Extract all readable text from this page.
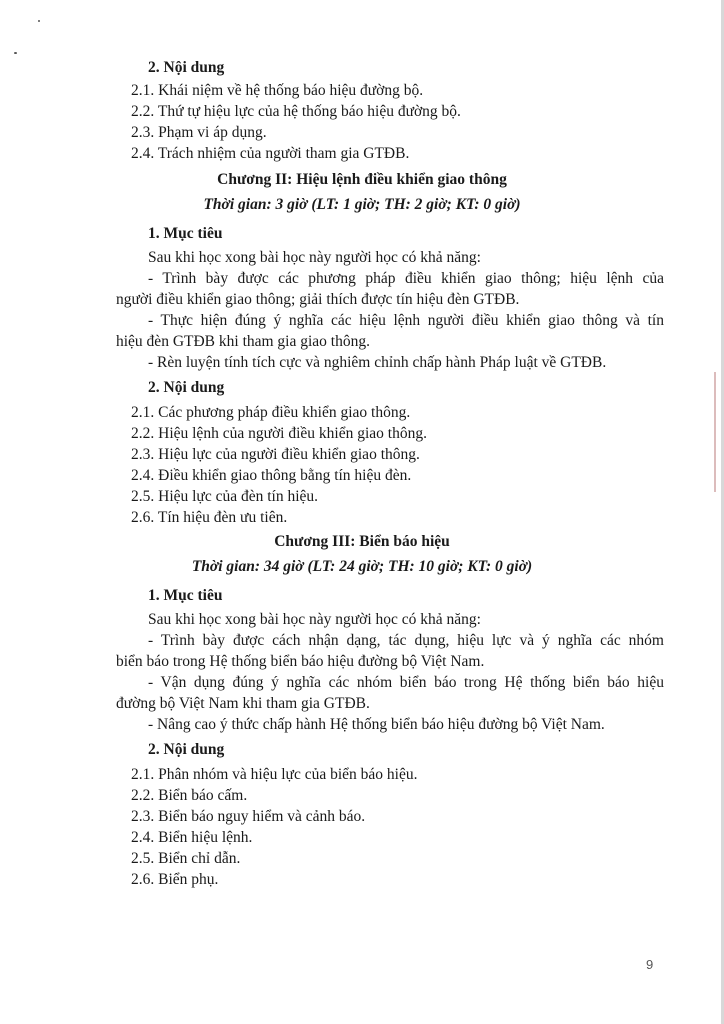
2. Nội dung
2.1. Khái niệm về hệ thống báo hiệu đường bộ.
2.2. Thứ tự hiệu lực của hệ thống báo hiệu đường bộ.
2.3. Phạm vi áp dụng.
2.4. Trách nhiệm của người tham gia GTĐB.
Chương II: Hiệu lệnh điều khiển giao thông
Thời gian: 3 giờ (LT: 1 giờ; TH: 2 giờ; KT: 0 giờ)
1. Mục tiêu
Sau khi học xong bài học này người học có khả năng:
- Trình bày được các phương pháp điều khiển giao thông; hiệu lệnh của
người điều khiển giao thông; giải thích được tín hiệu đèn GTĐB.
- Thực hiện đúng ý nghĩa các hiệu lệnh người điều khiển giao thông và tín
hiệu đèn GTĐB khi tham gia giao thông.
- Rèn luyện tính tích cực và nghiêm chỉnh chấp hành Pháp luật về GTĐB.
2. Nội dung
2.1. Các phương pháp điều khiển giao thông.
2.2. Hiệu lệnh của người điều khiển giao thông.
2.3. Hiệu lực của người điều khiển giao thông.
2.4. Điều khiển giao thông bằng tín hiệu đèn.
2.5. Hiệu lực của đèn tín hiệu.
2.6. Tín hiệu đèn ưu tiên.
Chương III: Biển báo hiệu
Thời gian: 34 giờ (LT: 24 giờ; TH: 10 giờ; KT: 0 giờ)
1. Mục tiêu
Sau khi học xong bài học này người học có khả năng:
- Trình bày được cách nhận dạng, tác dụng, hiệu lực và ý nghĩa các nhóm
biển báo trong Hệ thống biển báo hiệu đường bộ Việt Nam.
- Vận dụng đúng ý nghĩa các nhóm biển báo trong Hệ thống biển báo hiệu
đường bộ Việt Nam khi tham gia GTĐB.
- Nâng cao ý thức chấp hành Hệ thống biển báo hiệu đường bộ Việt Nam.
2. Nội dung
2.1. Phân nhóm và hiệu lực của biển báo hiệu.
2.2. Biển báo cấm.
2.3. Biển báo nguy hiểm và cảnh báo.
2.4. Biển hiệu lệnh.
2.5. Biển chỉ dẫn.
2.6. Biển phụ.
9
